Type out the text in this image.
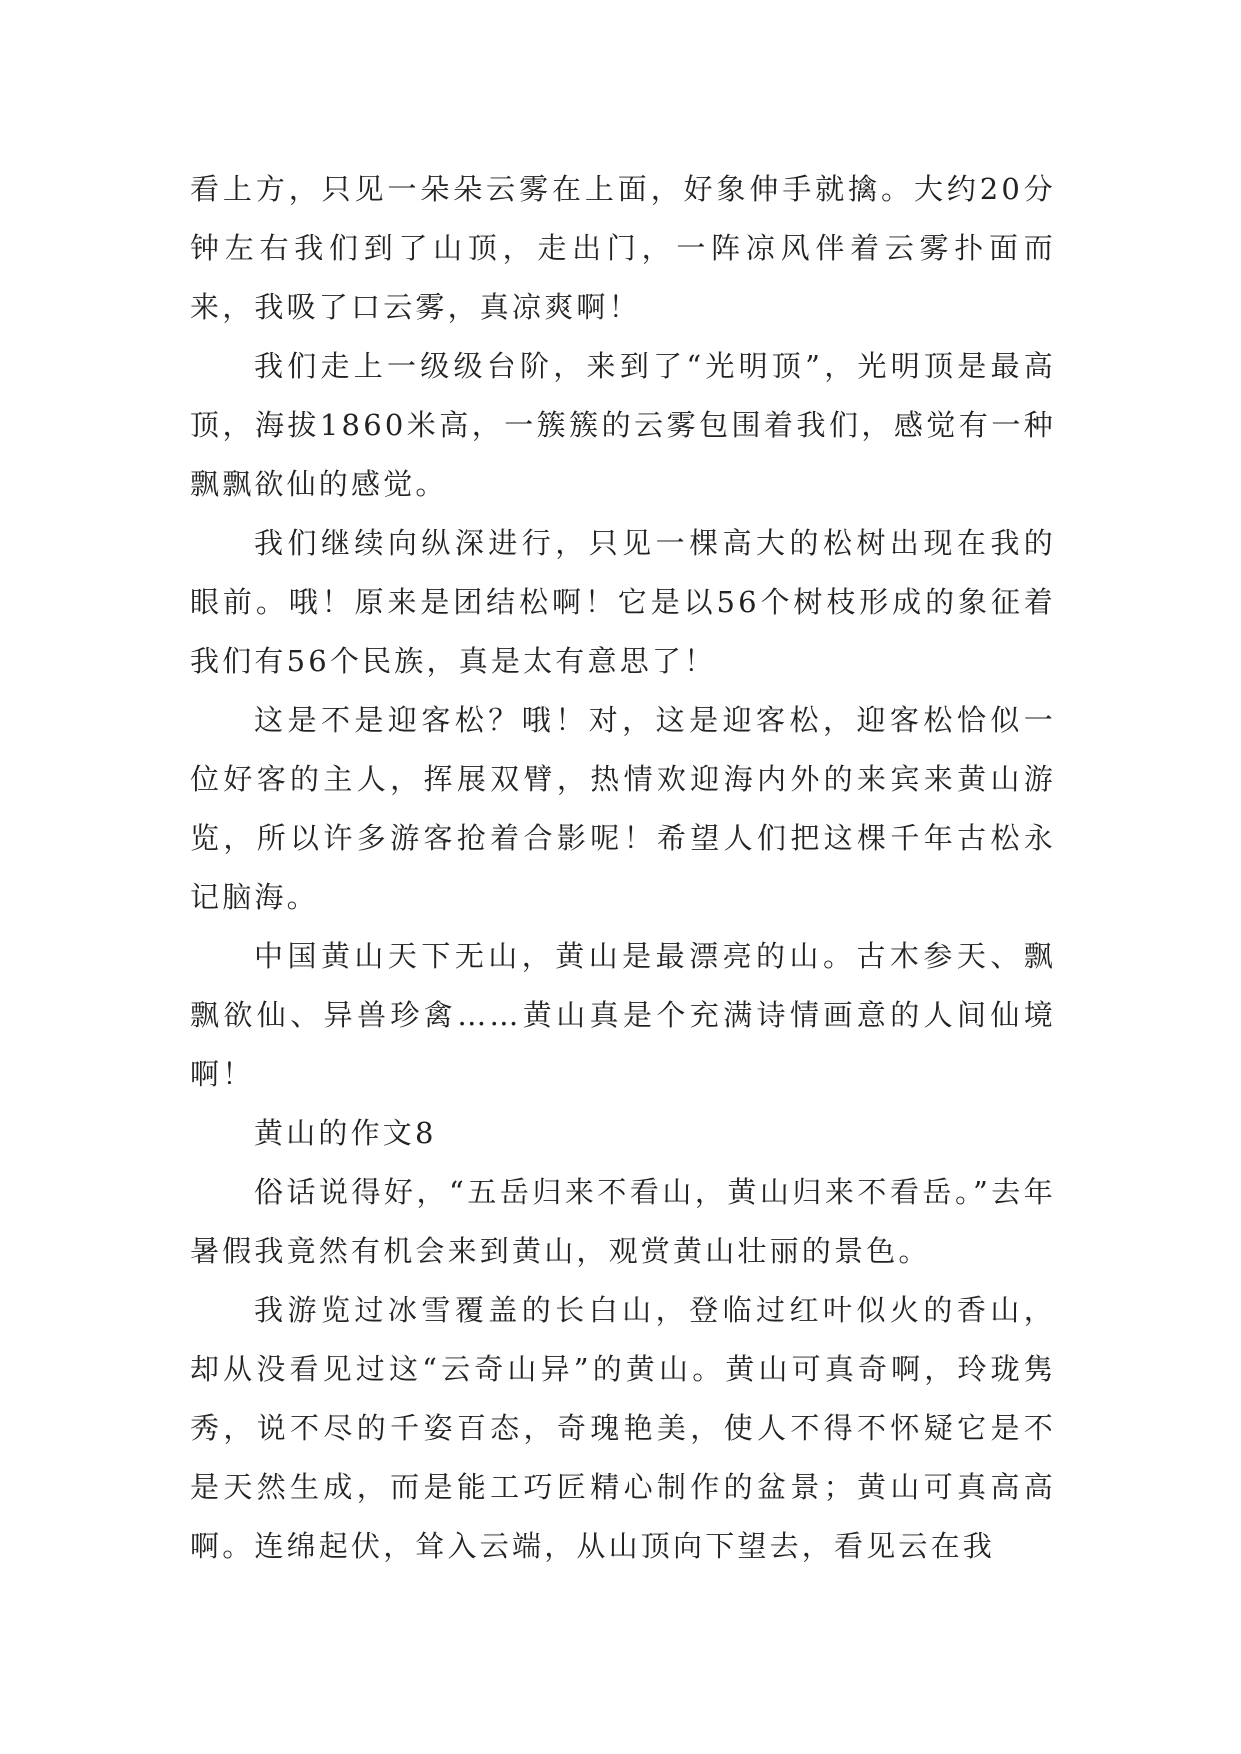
看上方，只见一朵朵云雾在上面，好象伸手就擒。大约20分钟左右我们到了山顶，走出门，一阵凉风伴着云雾扑面而来，我吸了口云雾，真凉爽啊！

我们走上一级级台阶，来到了“光明顶”，光明顶是最高顶，海拔1860米高，一簇簇的云雾包围着我们，感觉有一种飘飘欲仙的感觉。

我们继续向纵深进行，只见一棵高大的松树出现在我的眼前。哦！原来是团结松啊！它是以56个树枝形成的象征着我们有56个民族，真是太有意思了！

这是不是迎客松？哦！对，这是迎客松，迎客松恰似一位好客的主人，挥展双臂，热情欢迎海内外的来宾来黄山游览，所以许多游客抢着合影呢！希望人们把这棵千年古松永记脑海。

中国黄山天下无山，黄山是最漂亮的山。古木参天、飘飘欲仙、异兽珍禽……黄山真是个充满诗情画意的人间仙境啊！

黄山的作文8

俗话说得好，“五岳归来不看山，黄山归来不看岳。”去年暑假我竟然有机会来到黄山，观赏黄山壮丽的景色。

我游览过冰雪覆盖的长白山，登临过红叶似火的香山，却从没看见过这“云奇山异”的黄山。黄山可真奇啊，玲珑隽秀，说不尽的千姿百态，奇瑰艳美，使人不得不怀疑它是不是天然生成，而是能工巧匠精心制作的盆景；黄山可真高高啊。连绵起伏，耸入云端，从山顶向下望去，看见云在我
